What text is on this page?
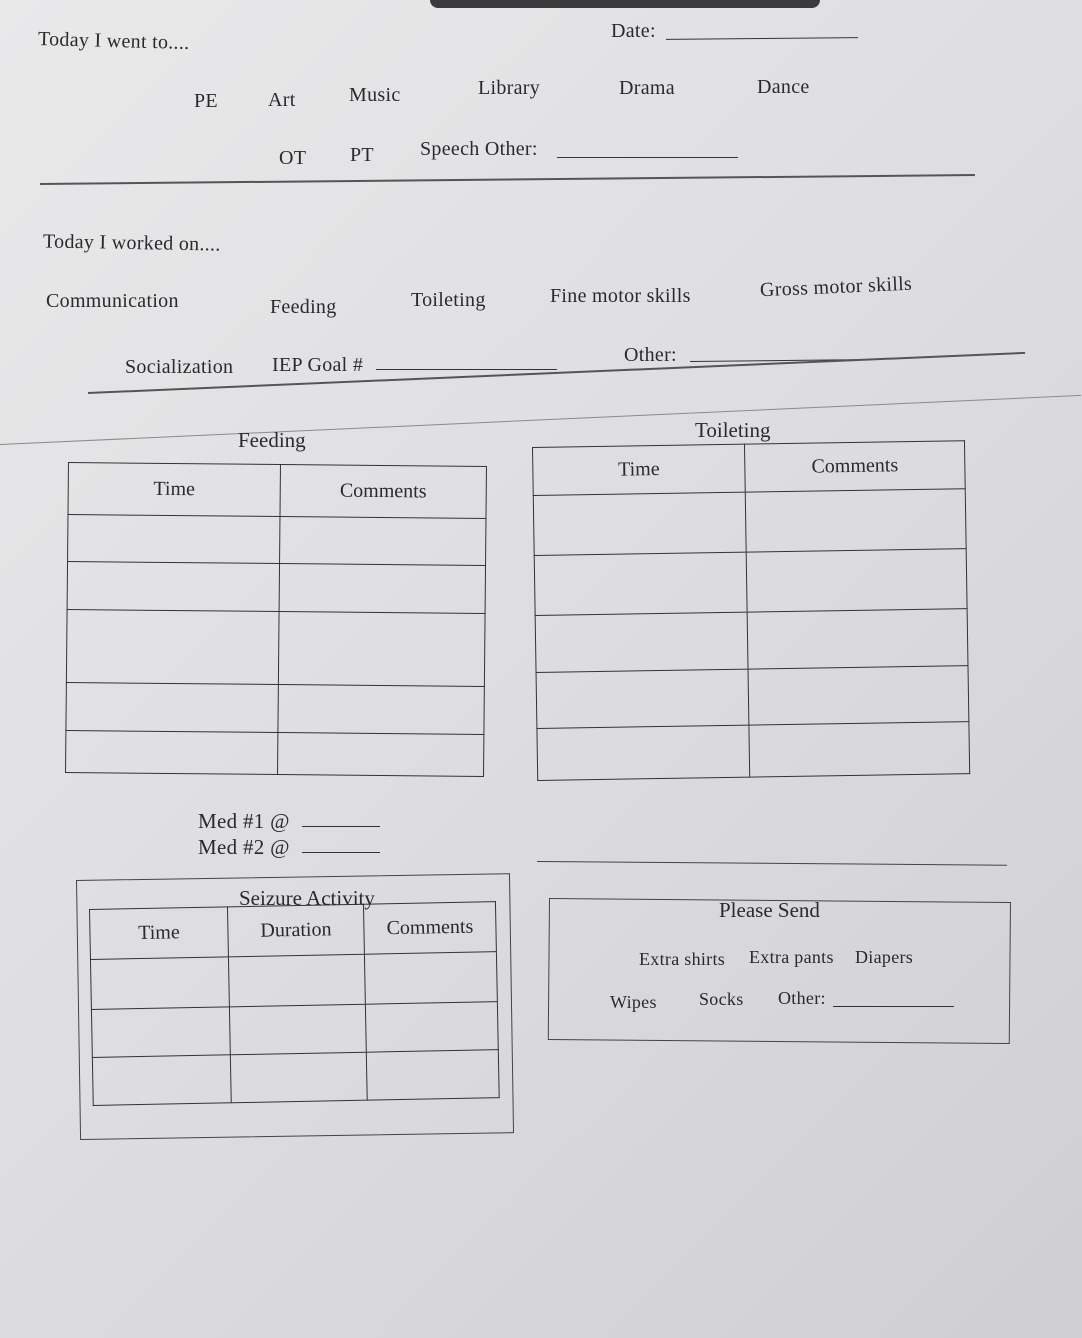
Today I went to....	Date:
PE	Art	Music	Library	Drama	Dance
OT PT Speech Other:
Today I worked on....
Communication	Feeding	Toileting	Fine motor skills	Gross motor skills
Socialization IEP Goal #	Other:
Feeding
Time	Comments

Toileting
Time	Comments

Med #1 @
Med #2 @
Seizure Activity
Time	Duration	Comments

Please Send
Extra shirts Extra pants Diapers
Wipes Socks Other:
